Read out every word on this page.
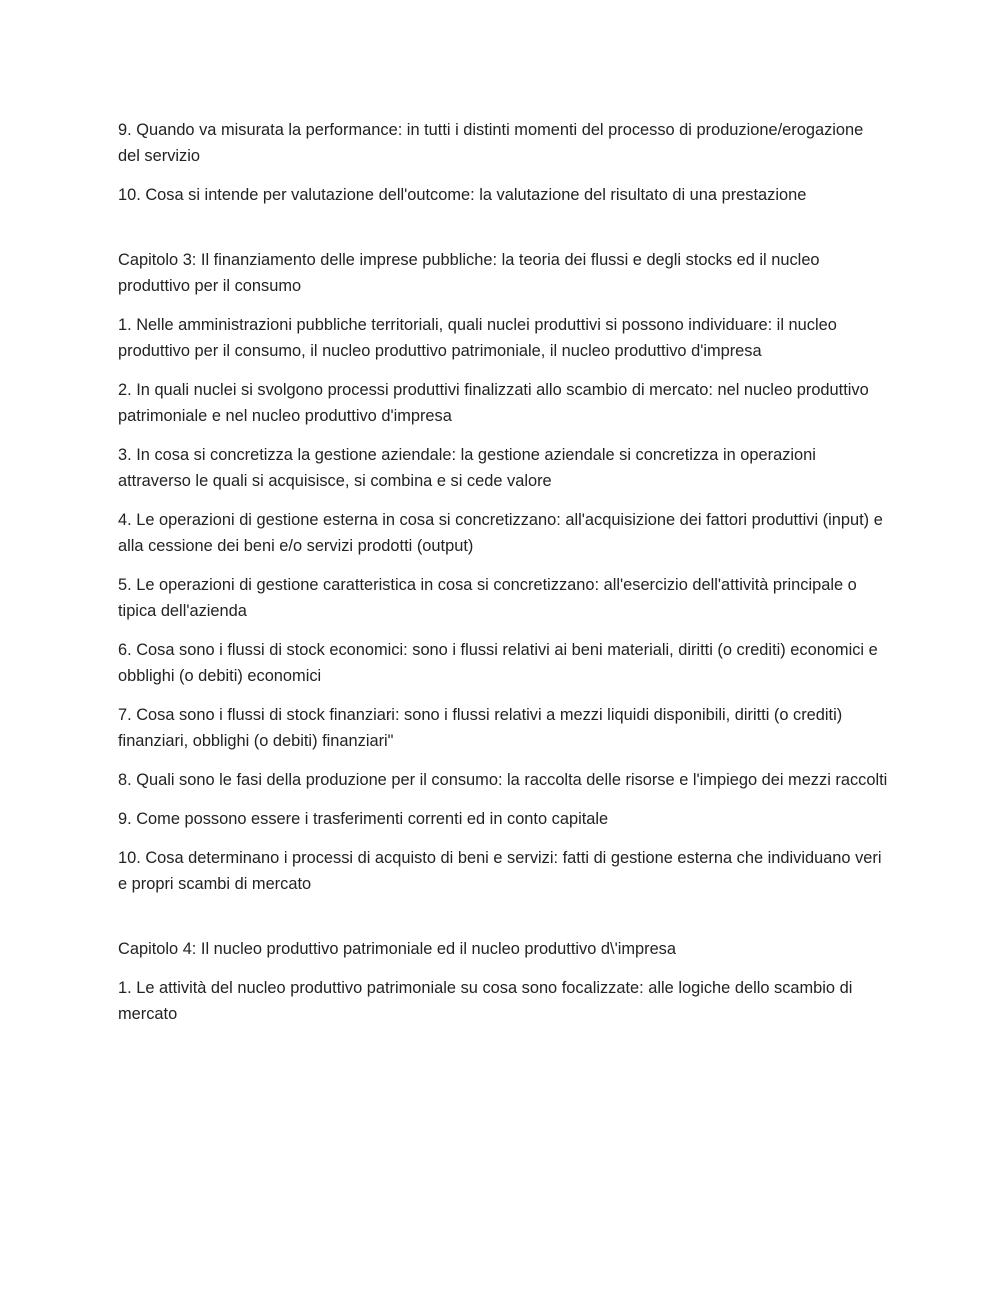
9. Quando va misurata la performance: in tutti i distinti momenti del processo di produzione/erogazione del servizio

10. Cosa si intende per valutazione dell'outcome: la valutazione del risultato di una prestazione

Capitolo 3: Il finanziamento delle imprese pubbliche: la teoria dei flussi e degli stocks ed il nucleo produttivo per il consumo

1. Nelle amministrazioni pubbliche territoriali, quali nuclei produttivi si possono individuare: il nucleo produttivo per il consumo, il nucleo produttivo patrimoniale, il nucleo produttivo d'impresa

2. In quali nuclei si svolgono processi produttivi finalizzati allo scambio di mercato: nel nucleo produttivo patrimoniale e nel nucleo produttivo d'impresa

3. In cosa si concretizza la gestione aziendale: la gestione aziendale si concretizza in operazioni attraverso le quali si acquisisce, si combina e si cede valore

4. Le operazioni di gestione esterna in cosa si concretizzano: all'acquisizione dei fattori produttivi (input) e alla cessione dei beni e/o servizi prodotti (output)

5. Le operazioni di gestione caratteristica in cosa si concretizzano: all'esercizio dell'attività principale o tipica dell'azienda

6. Cosa sono i flussi di stock economici: sono i flussi relativi ai beni materiali, diritti (o crediti) economici e obblighi (o debiti) economici

7. Cosa sono i flussi di stock finanziari: sono i flussi relativi a mezzi liquidi disponibili, diritti (o crediti) finanziari, obblighi (o debiti) finanziari"

8. Quali sono le fasi della produzione per il consumo: la raccolta delle risorse e l'impiego dei mezzi raccolti

9. Come possono essere i trasferimenti correnti ed in conto capitale

10. Cosa determinano i processi di acquisto di beni e servizi: fatti di gestione esterna che individuano veri e propri scambi di mercato

Capitolo 4: Il nucleo produttivo patrimoniale ed il nucleo produttivo d\'impresa

1. Le attività del nucleo produttivo patrimoniale su cosa sono focalizzate: alle logiche dello scambio di mercato
